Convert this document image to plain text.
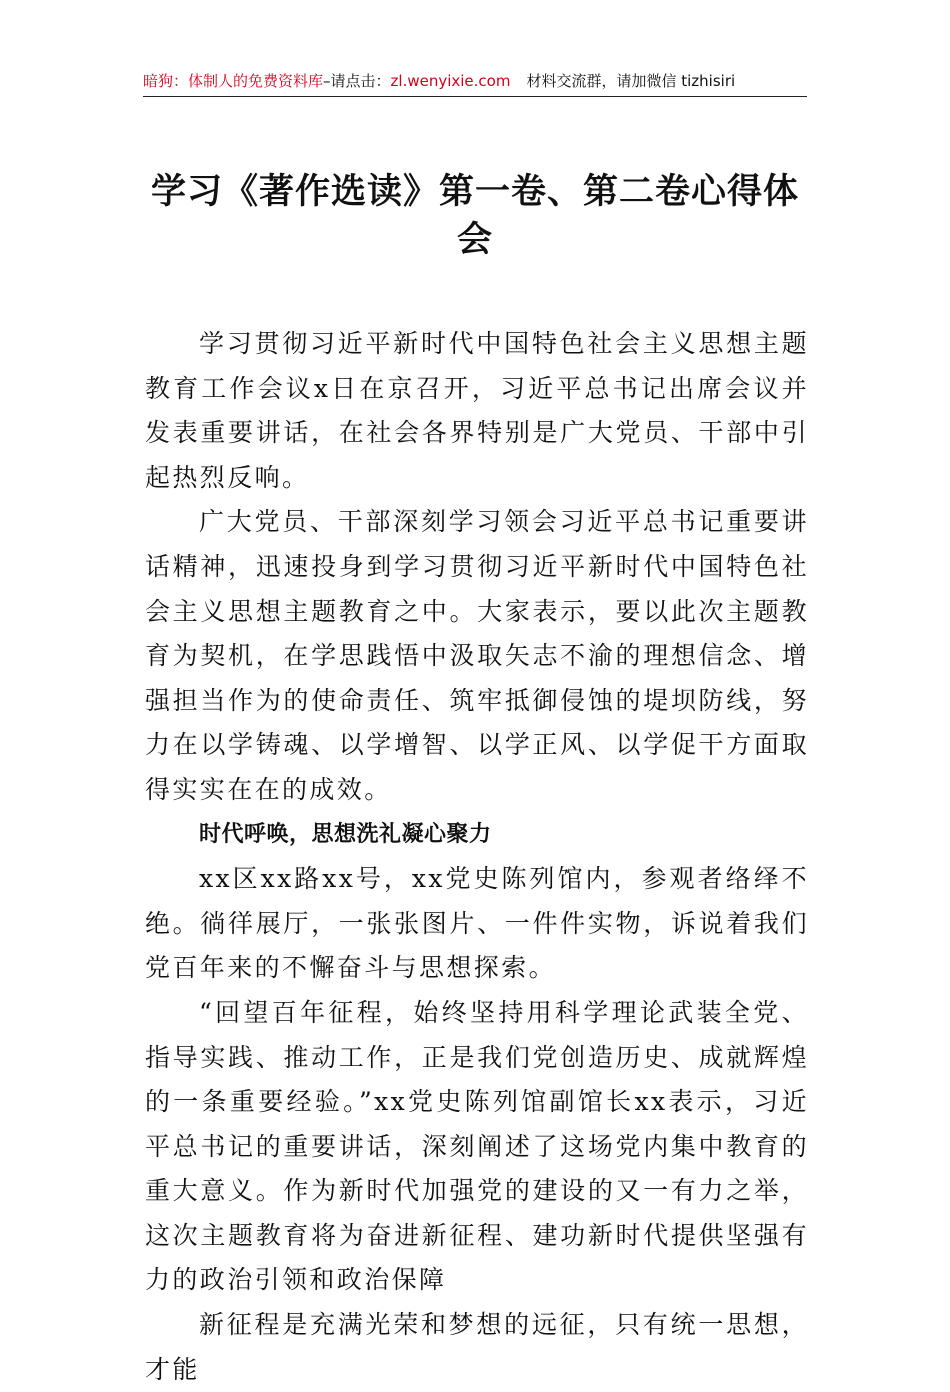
暗狗：体制人的免费资料库–请点击：zl.wenyixie.com 材料交流群，请加微信 tizhisiri
学习《著作选读》第一卷、第二卷心得体会

学习贯彻习近平新时代中国特色社会主义思想主题教育工作会议x日在京召开，习近平总书记出席会议并发表重要讲话，在社会各界特别是广大党员、干部中引起热烈反响。

广大党员、干部深刻学习领会习近平总书记重要讲话精神，迅速投身到学习贯彻习近平新时代中国特色社会主义思想主题教育之中。大家表示，要以此次主题教育为契机，在学思践悟中汲取矢志不渝的理想信念、增强担当作为的使命责任、筑牢抵御侵蚀的堤坝防线，努力在以学铸魂、以学增智、以学正风、以学促干方面取得实实在在的成效。

时代呼唤，思想洗礼凝心聚力

xx区xx路xx号，xx党史陈列馆内，参观者络绎不绝。徜徉展厅，一张张图片、一件件实物，诉说着我们党百年来的不懈奋斗与思想探索。

“回望百年征程，始终坚持用科学理论武装全党、指导实践、推动工作，正是我们党创造历史、成就辉煌的一条重要经验。”xx党史陈列馆副馆长xx表示，习近平总书记的重要讲话，深刻阐述了这场党内集中教育的重大意义。作为新时代加强党的建设的又一有力之举，这次主题教育将为奋进新征程、建功新时代提供坚强有力的政治引领和政治保障

新征程是充满光荣和梦想的远征，只有统一思想，才能
